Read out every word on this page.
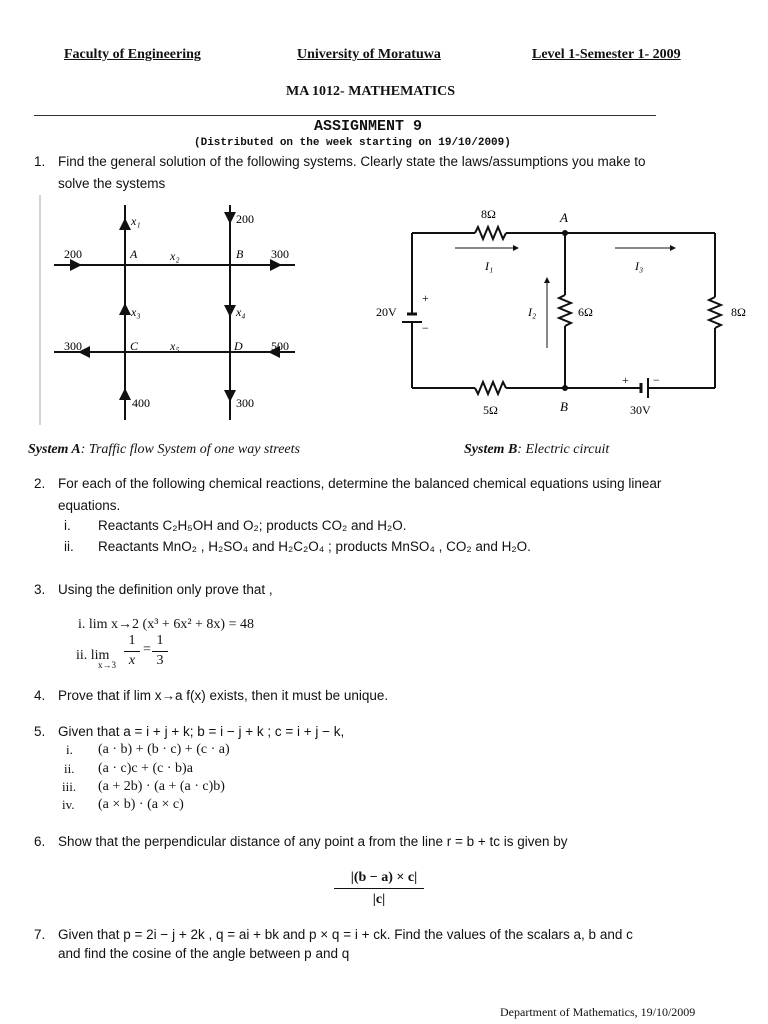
Faculty of Engineering	University of Moratuwa	Level 1-Semester 1- 2009
MA 1012- MATHEMATICS
ASSIGNMENT 9
(Distributed on the week starting on 19/10/2009)
1. Find the general solution of the following systems. Clearly state the laws/assumptions you make to
solve the systems
200	A	x₂	B 300
x₁	200
x₃	x₄
300	C	x₅	D 500
400	300
+
−
+ −
8Ω	A
I₁	I₃
20V	I₂	6Ω	8Ω
5Ω	B	30V
System A: Traffic flow System of one way streets	System B: Electric circuit
2. For each of the following chemical reactions, determine the balanced chemical equations using linear
equations.
i. Reactants C₂H₅OH and O₂; products CO₂ and H₂O.
ii. Reactants MnO₂ , H₂SO₄ and H₂C₂O₄ ; products MnSO₄ , CO₂ and H₂O.
3. Using the definition only prove that ,
i. lim x→2 (x³ + 6x² + 8x) = 48
ii. lim
x→3
1
x
=
1
3
4. Prove that if lim x→a f(x) exists, then it must be unique.
5. Given that a = i + j + k; b = i − j + k ; c = i + j − k,
i. (a · b) + (b · c) + (c · a)
ii. (a · c)c + (c · b)a
iii. (a + 2b) · (a + (a · c)b)
iv. (a × b) · (a × c)
6. Show that the perpendicular distance of any point a from the line r = b + tc is given by
|(b − a) × c|
|c|
7. Given that p = 2i − j + 2k , q = ai + bk and p × q = i + ck. Find the values of the scalars a, b and c
and find the cosine of the angle between p and q
Department of Mathematics, 19/10/2009
